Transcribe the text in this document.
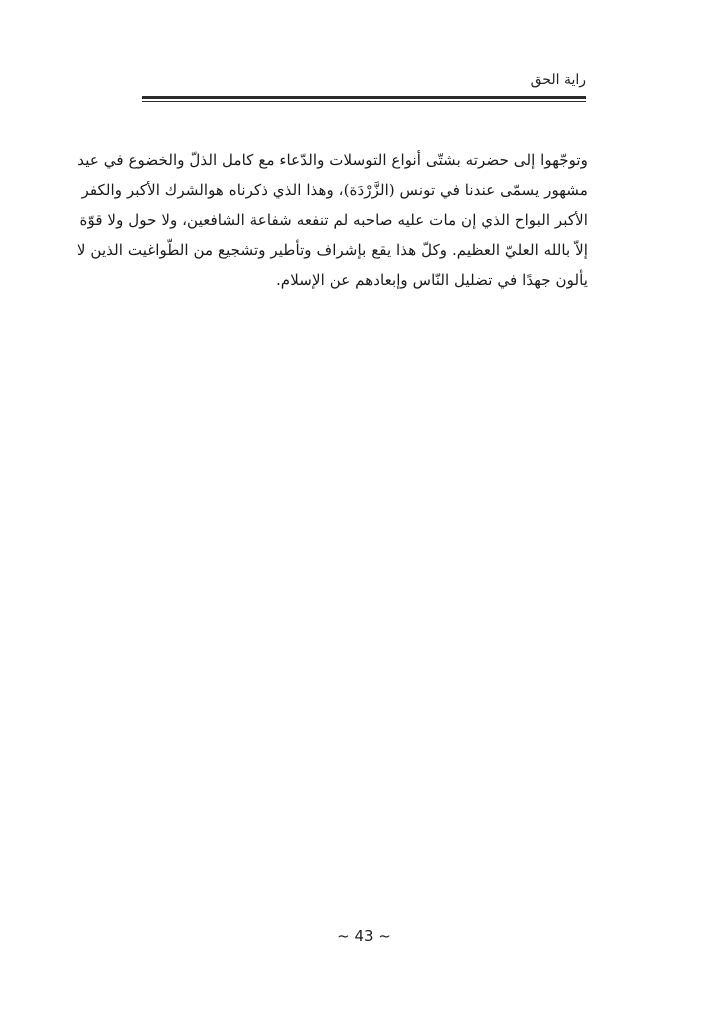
راية الحق

وتوجّهوا إلى حضرته بشتّى أنواع التوسلات والدّعاء مع كامل الذلّ والخضوع في عيد
مشهور يسمّى عندنا في تونس (الزَّرْدَة)، وهذا الذي ذكرناه هوالشرك الأكبر والكفر
الأكبر البواح الذي إن مات عليه صاحبه لم تنفعه شفاعة الشافعين، ولا حول ولا قوّة
إلاّ بالله العليّ العظيم. وكلّ هذا يقع بإشراف وتأطير وتشجيع من الطّواغيت الذين لا
يألون جهدًا في تضليل النّاس وإبعادهم عن الإسلام.

~ 43 ~
